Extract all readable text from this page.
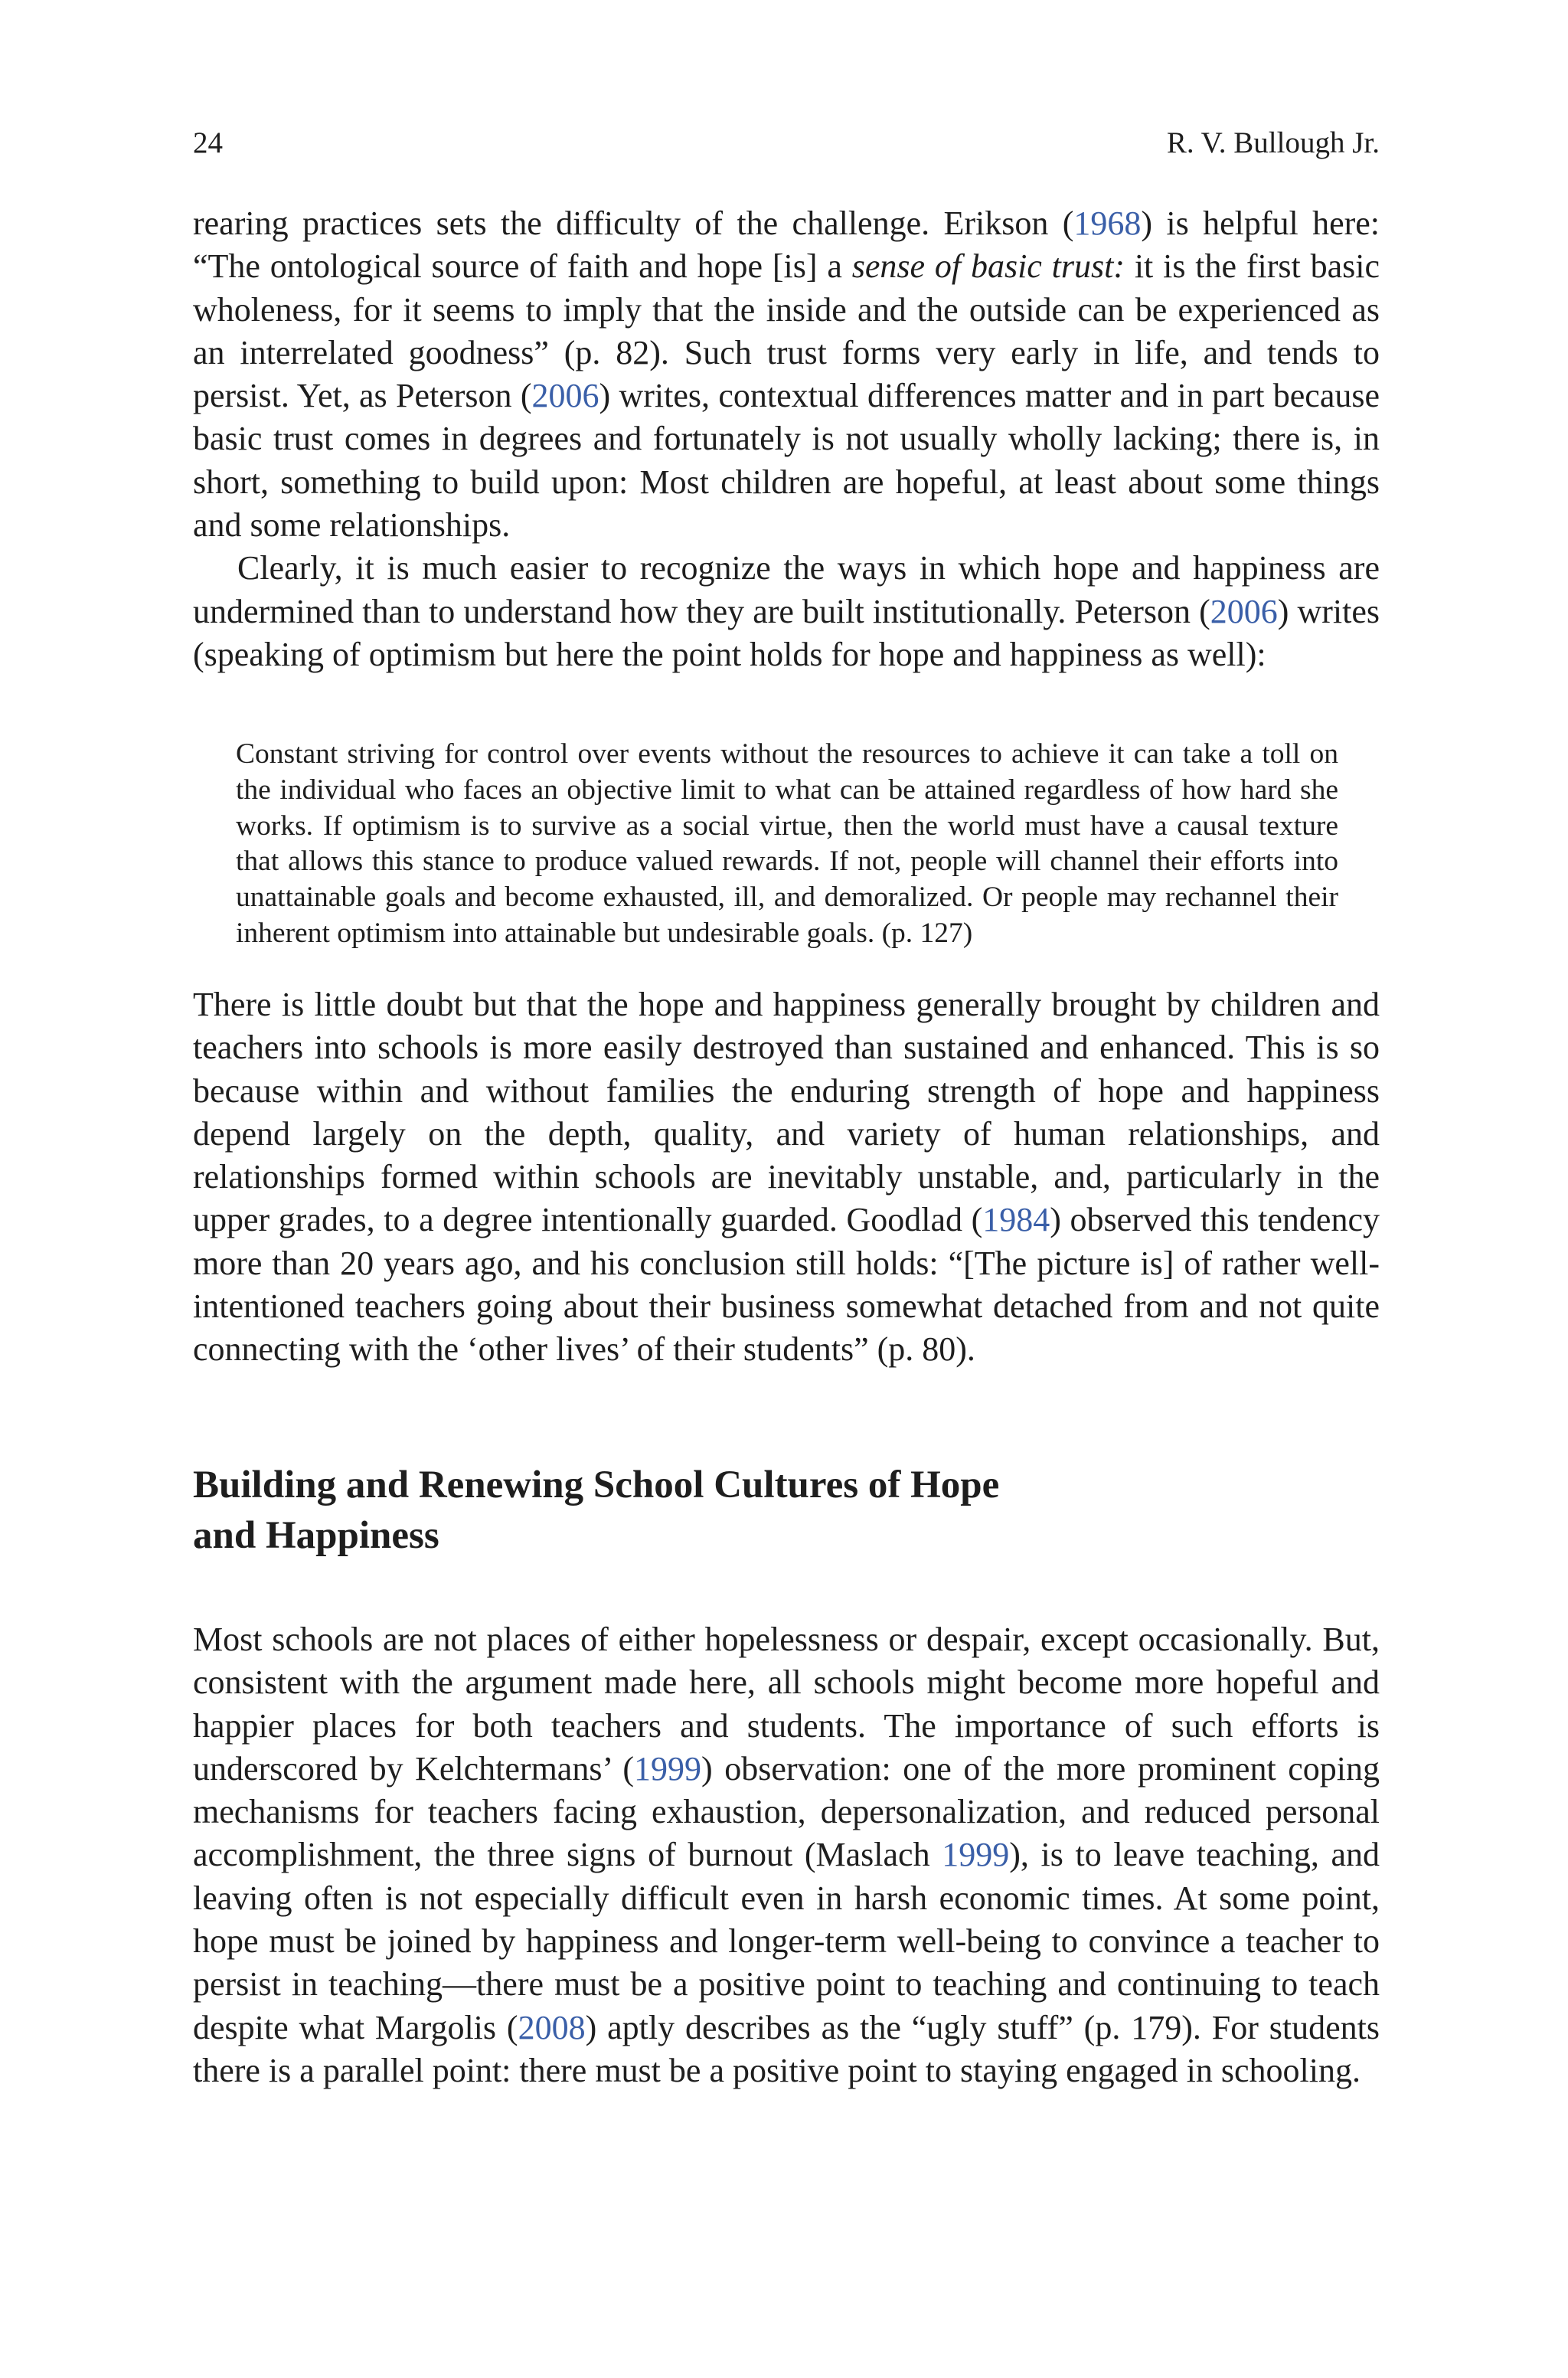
24	R. V. Bullough Jr.

rearing practices sets the difficulty of the challenge. Erikson (1968) is helpful here: “The ontological source of faith and hope [is] a sense of basic trust: it is the first basic wholeness, for it seems to imply that the inside and the outside can be experienced as an interrelated goodness” (p. 82). Such trust forms very early in life, and tends to persist. Yet, as Peterson (2006) writes, contextual differences matter and in part because basic trust comes in degrees and fortunately is not usually wholly lacking; there is, in short, something to build upon: Most children are hopeful, at least about some things and some relationships.

Clearly, it is much easier to recognize the ways in which hope and happiness are undermined than to understand how they are built institutionally. Peterson (2006) writes (speaking of optimism but here the point holds for hope and happiness as well):

Constant striving for control over events without the resources to achieve it can take a toll on the individual who faces an objective limit to what can be attained regardless of how hard she works. If optimism is to survive as a social virtue, then the world must have a causal texture that allows this stance to produce valued rewards. If not, people will channel their efforts into unattainable goals and become exhausted, ill, and demoralized. Or people may rechannel their inherent optimism into attainable but undesirable goals. (p. 127)

There is little doubt but that the hope and happiness generally brought by children and teachers into schools is more easily destroyed than sustained and enhanced. This is so because within and without families the enduring strength of hope and happiness depend largely on the depth, quality, and variety of human relationships, and relationships formed within schools are inevitably unstable, and, particularly in the upper grades, to a degree intentionally guarded. Goodlad (1984) observed this tendency more than 20 years ago, and his conclusion still holds: “[The picture is] of rather well-intentioned teachers going about their business somewhat detached from and not quite connecting with the ‘other lives’ of their students” (p. 80).

Building and Renewing School Cultures of Hope
and Happiness

Most schools are not places of either hopelessness or despair, except occasionally. But, consistent with the argument made here, all schools might become more hopeful and happier places for both teachers and students. The importance of such efforts is underscored by Kelchtermans’ (1999) observation: one of the more prominent coping mechanisms for teachers facing exhaustion, depersonalization, and reduced personal accomplishment, the three signs of burnout (Maslach 1999), is to leave teaching, and leaving often is not especially difficult even in harsh economic times. At some point, hope must be joined by happiness and longer-term well-being to convince a teacher to persist in teaching—there must be a positive point to teaching and continuing to teach despite what Margolis (2008) aptly describes as the “ugly stuff” (p. 179). For students there is a parallel point: there must be a positive point to staying engaged in schooling.
